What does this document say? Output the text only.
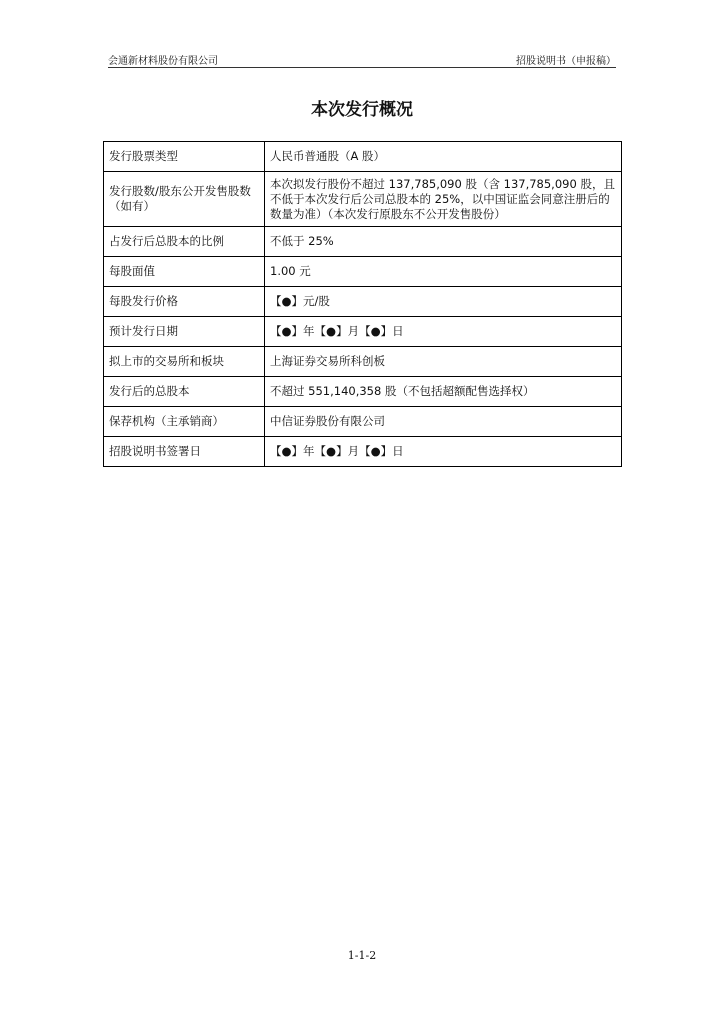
会通新材料股份有限公司	招股说明书（申报稿）
本次发行概况
发行股票类型	人民币普通股（A 股）
发行股数/股东公开发售股数（如有）	本次拟发行股份不超过 137,785,090 股（含 137,785,090 股，且不低于本次发行后公司总股本的 25%，以中国证监会同意注册后的数量为准）（本次发行原股东不公开发售股份）
占发行后总股本的比例	不低于 25%
每股面值	1.00 元
每股发行价格	【●】元/股
预计发行日期	【●】年【●】月【●】日
拟上市的交易所和板块	上海证券交易所科创板
发行后的总股本	不超过 551,140,358 股（不包括超额配售选择权）
保荐机构（主承销商）	中信证券股份有限公司
招股说明书签署日	【●】年【●】月【●】日
1-1-2
